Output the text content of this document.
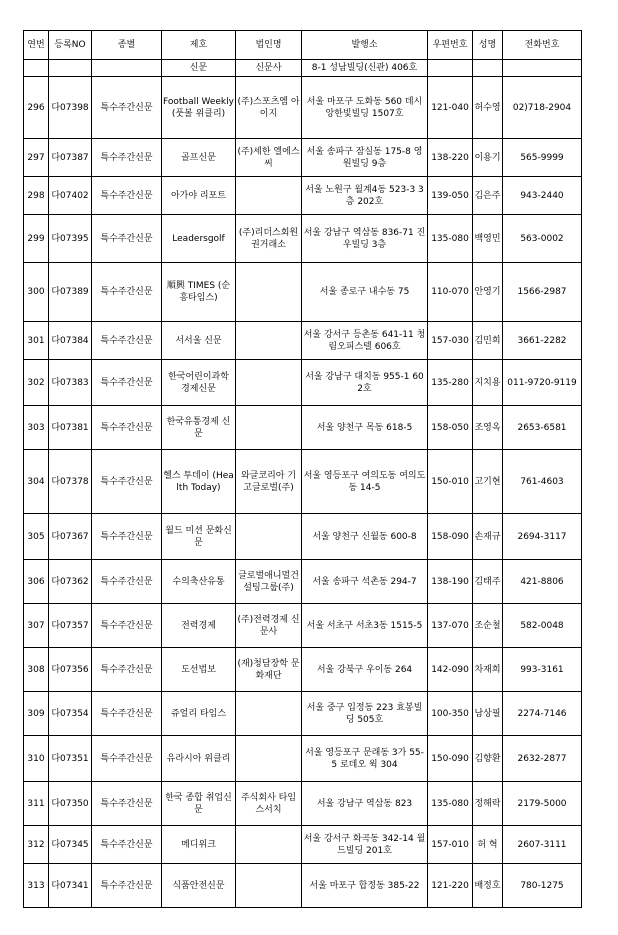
연번	등록NO	종별	제호	법인명	발행소	우편번호	성명	전화번호
			신문	신문사	8-1 성남빌딩(신관) 406호			
296	다07398	특수주간신문	Football Weekly (풋볼 위클리)	(주)스포츠엠 아이지	서울 마포구 도화동 560 데시앙한빛빌딩 1507호	121-040	허수영	02)718-2904
297	다07387	특수주간신문	골프신문	(주)세한 엘에스씨	서울 송파구 잠실동 175-8 영원빌딩 9층	138-220	이용기	565-9999
298	다07402	특수주간신문	아가야 리포트		서울 노원구 월계4동 523-3 3층 202호	139-050	김은주	943-2440
299	다07395	특수주간신문	Leadersgolf	(주)리더스회원 권거래소	서울 강남구 역삼동 836-71 진우빌딩 3층	135-080	백영민	563-0002
300	다07389	특수주간신문	順興 TIMES (순흥타임스)		서울 종로구 내수동 75	110-070	안영기	1566-2987
301	다07384	특수주간신문	서서울 신문		서울 강서구 등촌동 641-11 청림오피스텔 606호	157-030	김민희	3661-2282
302	다07383	특수주간신문	한국어린이과학 경제신문		서울 강남구 대치동 955-1 602호	135-280	지치용	011-9720-9119
303	다07381	특수주간신문	한국유통경제 신문		서울 양천구 목동 618-5	158-050	조영옥	2653-6581
304	다07378	특수주간신문	헬스 투데이 (Health Today)	와글코리아 기고글로벌(주)	서울 영등포구 여의도동 여의도동 14-5	150-010	고기현	761-4603
305	다07367	특수주간신문	월드 미션 문화신문		서울 양천구 신월동 600-8	158-090	손재규	2694-3117
306	다07362	특수주간신문	수의축산유통	글로벌애니멀건 설팅그룹(주)	서울 송파구 석촌동 294-7	138-190	김태주	421-8806
307	다07357	특수주간신문	전력경제	(주)전력경제 신문사	서울 서초구 서초3동 1515-5	137-070	조순철	582-0048
308	다07356	특수주간신문	도선법보	(재)청담장학 문화재단	서울 강북구 우이동 264	142-090	차재희	993-3161
309	다07354	특수주간신문	쥬얼리 타임스		서울 중구 입정동 223 효봉빌딩 505호	100-350	남상필	2274-7146
310	다07351	특수주간신문	유라시아 위클리		서울 영등포구 문래동 3가 55-5 로데오 윅 304	150-090	김향환	2632-2877
311	다07350	특수주간신문	한국 종합 취업신문	주식회사 타임스서치	서울 강남구 역삼동 823	135-080	정해락	2179-5000
312	다07345	특수주간신문	메디위크		서울 강서구 화곡동 342-14 월드빌딩 201호	157-010	허 혁	2607-3111
313	다07341	특수주간신문	식품안전신문		서울 마포구 합정동 385-22	121-220	배정호	780-1275
